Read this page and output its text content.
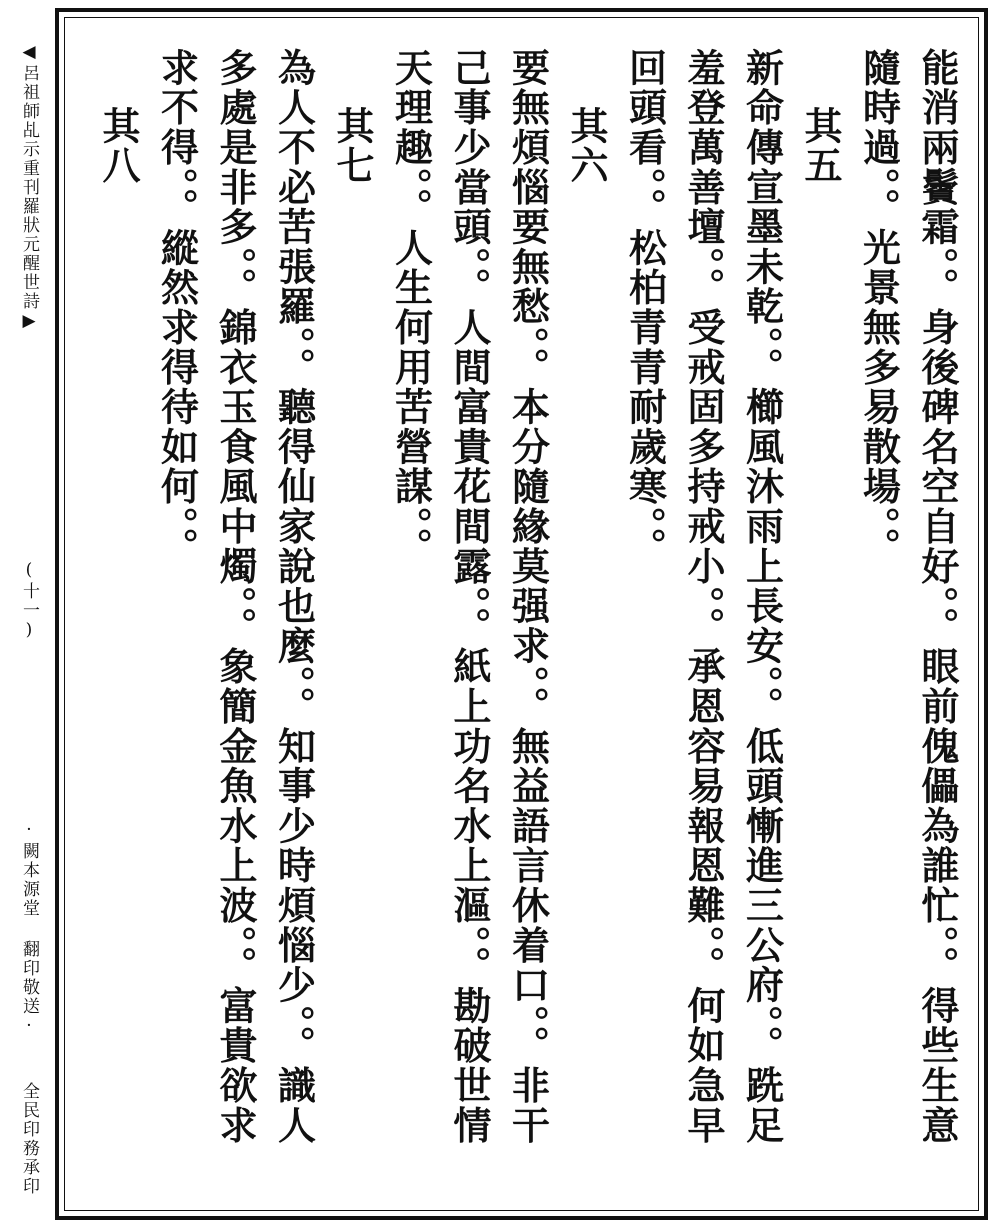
◀呂祖師乩示重刊羅狀元醒世詩▶
(十一)
·闕本源堂 翻印敬送·
全民印務承印	能消兩鬢霜。。身後碑名空自好。。眼前傀儡為誰忙。。得些生意
隨時過。。光景無多易散場。。
其五
新命傳宣墨未乾。。櫛風沐雨上長安。。低頭慚進三公府。。跣足
羞登萬善壇。。受戒固多持戒小。。承恩容易報恩難。。何如急早
回頭看。。松柏青青耐歲寒。。
其六
要無煩惱要無愁。。本分隨緣莫强求。。無益語言休着口。。非干
己事少當頭。。人間富貴花間露。。紙上功名水上漚。。勘破世情
天理趣。。人生何用苦營謀。。
其七
為人不必苦張羅。。聽得仙家說也麼。。知事少時煩惱少。。識人
多處是非多。。錦衣玉食風中燭。。象簡金魚水上波。。富貴欲求
求不得。。縱然求得待如何。。
其八
